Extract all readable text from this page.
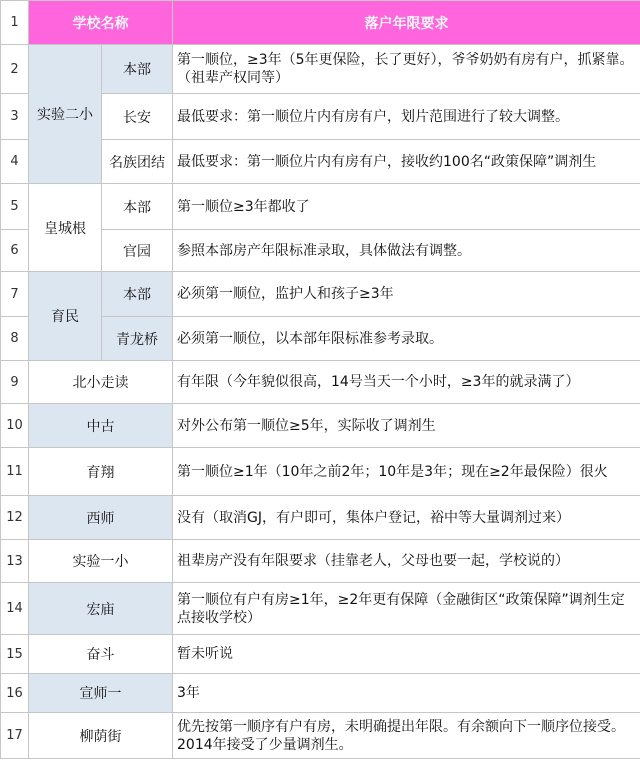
1	学校名称		落户年限要求
2	实验二小	本部	第一顺位，≥3年（5年更保险，长了更好），爷爷奶奶有房有户，抓紧靠。（祖辈产权同等）
3		长安	最低要求：第一顺位片内有房有户，划片范围进行了较大调整。
4		名族团结	最低要求：第一顺位片内有房有户，接收约100名“政策保障”调剂生
5	皇城根	本部	第一顺位≥3年都收了
6		官园	参照本部房产年限标准录取，具体做法有调整。
7	育民	本部	必须第一顺位，监护人和孩子≥3年
8		青龙桥	必须第一顺位，以本部年限标准参考录取。
9	北小走读		有年限（今年貌似很高，14号当天一个小时，≥3年的就录满了）
10	中古		对外公布第一顺位≥5年，实际收了调剂生
11	育翔		第一顺位≥1年（10年之前2年；10年是3年；现在≥2年最保险）很火
12	西师		没有（取消GJ，有户即可，集体户登记，裕中等大量调剂过来）
13	实验一小		祖辈房产没有年限要求（挂靠老人，父母也要一起，学校说的）
14	宏庙		第一顺位有户有房≥1年，≥2年更有保障（金融街区“政策保障”调剂生定点接收学校）
15	奋斗		暂未听说
16	宣师一		3年
17	柳荫街		优先按第一顺序有户有房，未明确提出年限。有余额向下一顺序位接受。2014年接受了少量调剂生。
